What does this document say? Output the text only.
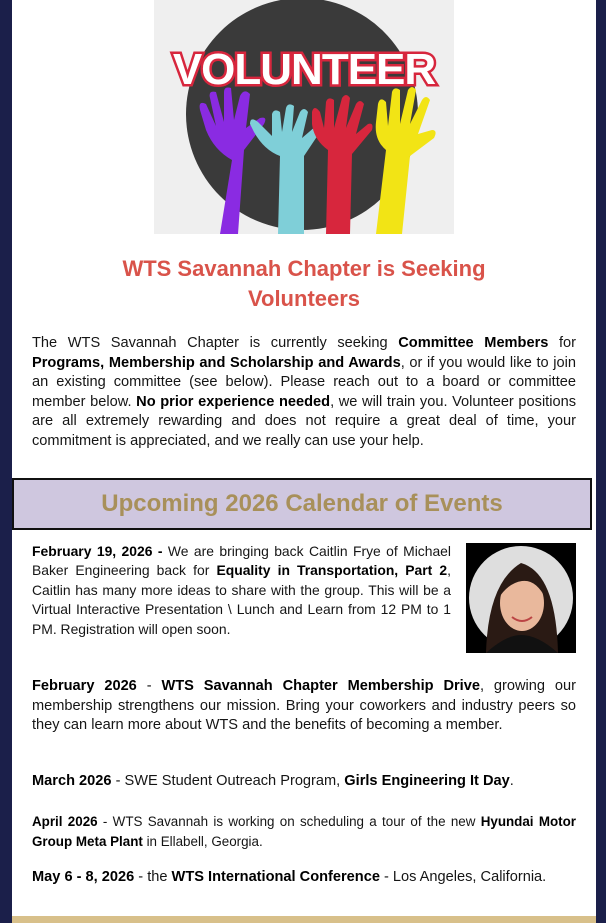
VOLUNTEER
WTS Savannah Chapter is Seeking
Volunteers
The WTS Savannah Chapter is currently seeking Committee Members for Programs, Membership and Scholarship and Awards, or if you would like to join an existing committee (see below). Please reach out to a board or committee member below. No prior experience needed, we will train you. Volunteer positions are all extremely rewarding and does not require a great deal of time, your commitment is appreciated, and we really can use your help.
Upcoming 2026 Calendar of Events
February 19, 2026 - We are bringing back Caitlin Frye of Michael Baker Engineering back for Equality in Transportation, Part 2, Caitlin has many more ideas to share with the group. This will be a Virtual Interactive Presentation \ Lunch and Learn from 12 PM to 1 PM. Registration will open soon.
February 2026 - WTS Savannah Chapter Membership Drive, growing our membership strengthens our mission. Bring your coworkers and industry peers so they can learn more about WTS and the benefits of becoming a member.
March 2026 - SWE Student Outreach Program, Girls Engineering It Day.
April 2026 - WTS Savannah is working on scheduling a tour of the new Hyundai Motor Group Meta Plant in Ellabell, Georgia.
May 6 - 8, 2026 - the WTS International Conference - Los Angeles, California.
